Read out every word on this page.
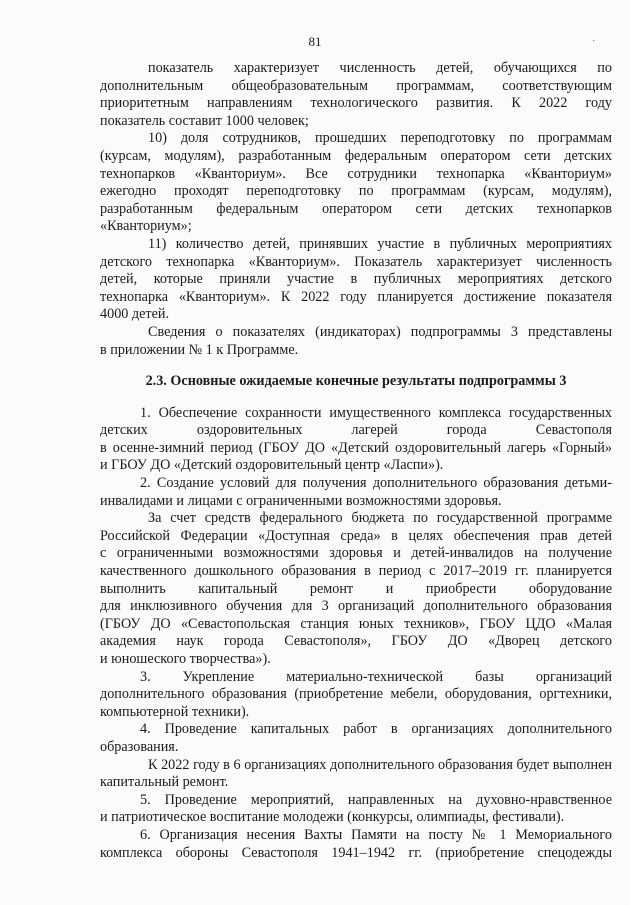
81	·
показатель характеризует численность детей, обучающихся по
дополнительным общеобразовательным программам, соответствующим
приоритетным направлениям технологического развития. К 2022 году
показатель составит 1000 человек;
10) доля сотрудников, прошедших переподготовку по программам
(курсам, модулям), разработанным федеральным оператором сети детских
технопарков «Кванториум». Все сотрудники технопарка «Кванториум»
ежегодно проходят переподготовку по программам (курсам, модулям),
разработанным федеральным оператором сети детских технопарков
«Кванториум»;
11) количество детей, принявших участие в публичных мероприятиях
детского технопарка «Кванториум». Показатель характеризует численность
детей, которые приняли участие в публичных мероприятиях детского
технопарка «Кванториум». К 2022 году планируется достижение показателя
4000 детей.
Сведения о показателях (индикаторах) подпрограммы 3 представлены
в приложении № 1 к Программе.
2.3. Основные ожидаемые конечные результаты подпрограммы 3
1. Обеспечение сохранности имущественного комплекса государственных
детских оздоровительных лагерей города Севастополя
в осенне-зимний период (ГБОУ ДО «Детский оздоровительный лагерь «Горный»
и ГБОУ ДО «Детский оздоровительный центр «Ласпи»).
2. Создание условий для получения дополнительного образования детьми-
инвалидами и лицами с ограниченными возможностями здоровья.
За счет средств федерального бюджета по государственной программе
Российской Федерации «Доступная среда» в целях обеспечения прав детей
с ограниченными возможностями здоровья и детей-инвалидов на получение
качественного дошкольного образования в период с 2017–2019 гг. планируется
выполнить капитальный ремонт и приобрести оборудование
для инклюзивного обучения для 3 организаций дополнительного образования
(ГБОУ ДО «Севастопольская станция юных техников», ГБОУ ЦДО «Малая
академия наук города Севастополя», ГБОУ ДО «Дворец детского
и юношеского творчества»).
3. Укрепление материально-технической базы организаций
дополнительного образования (приобретение мебели, оборудования, оргтехники,
компьютерной техники).
4. Проведение капитальных работ в организациях дополнительного
образования.
К 2022 году в 6 организациях дополнительного образования будет выполнен
капитальный ремонт.
5. Проведение мероприятий, направленных на духовно-нравственное
и патриотическое воспитание молодежи (конкурсы, олимпиады, фестивали).
6. Организация несения Вахты Памяти на посту № 1 Мемориального
комплекса обороны Севастополя 1941–1942 гг. (приобретение спецодежды
